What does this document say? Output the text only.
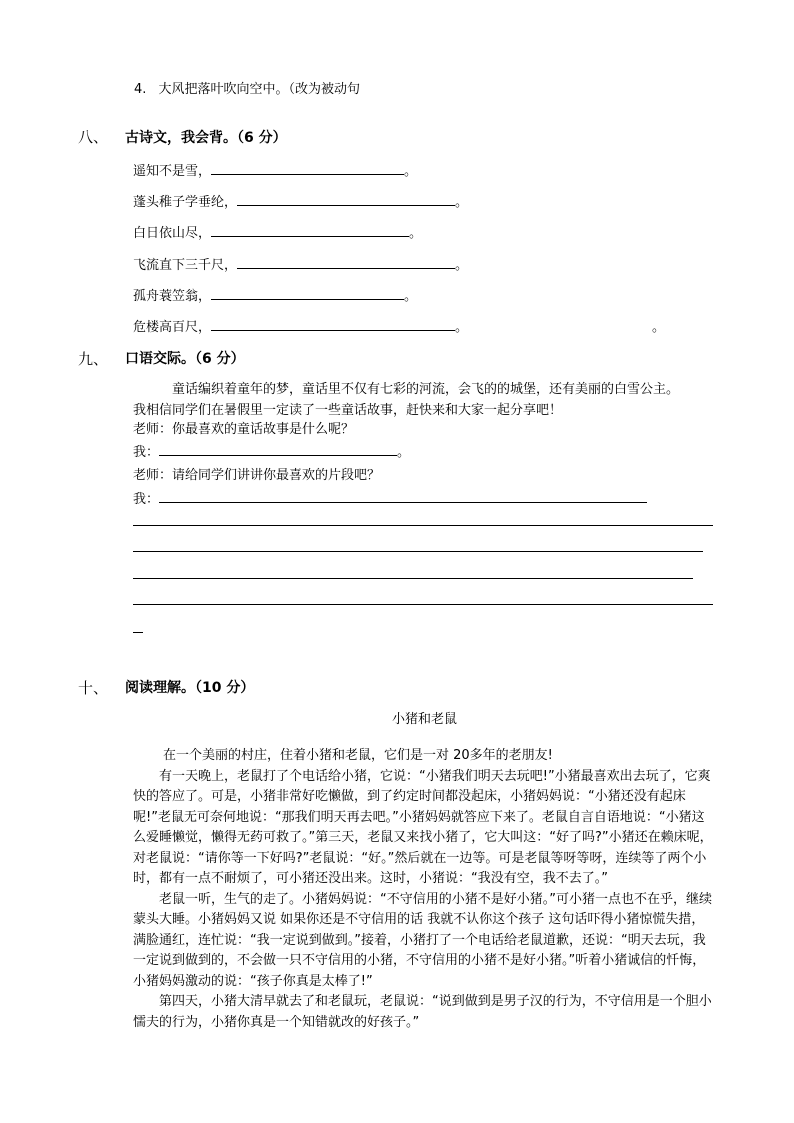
4. 大风把落叶吹向空中。（改为被动句
八、 古诗文，我会背。（6 分）
遥知不是雪，	。
蓬头稚子学垂纶，	。
白日依山尽，	。
飞流直下三千尺，	。
孤舟蓑笠翁，	。
危楼高百尺，	。	。
九、 口语交际。（6 分）
童话编织着童年的梦，童话里不仅有七彩的河流，会飞的的城堡，还有美丽的白雪公主。
我相信同学们在暑假里一定读了一些童话故事，赶快来和大家一起分享吧！
老师：你最喜欢的童话故事是什么呢？
我：	。
老师：请给同学们讲讲你最喜欢的片段吧？
我：
十、 阅读理解。（10 分）
小猪和老鼠

在一个美丽的村庄，住着小猪和老鼠，它们是一对 20多年的老朋友!

有一天晚上，老鼠打了个电话给小猪，它说：“小猪我们明天去玩吧!”小猪最喜欢出去玩了，它爽快的答应了。可是，小猪非常好吃懒做，到了约定时间都没起床，小猪妈妈说：“小猪还没有起床呢!”老鼠无可奈何地说：“那我们明天再去吧。”小猪妈妈就答应下来了。老鼠自言自语地说：“小猪这么爱睡懒觉，懒得无药可救了。”第三天，老鼠又来找小猪了，它大叫这：“好了吗?”小猪还在赖床呢，对老鼠说：“请你等一下好吗?”老鼠说：“好。”然后就在一边等。可是老鼠等呀等呀，连续等了两个小时，都有一点不耐烦了，可小猪还没出来。这时，小猪说：“我没有空，我不去了。”

老鼠一听，生气的走了。小猪妈妈说：“不守信用的小猪不是好小猪。”可小猪一点也不在乎，继续蒙头大睡。小猪妈妈又说 如果你还是不守信用的话 我就不认你这个孩子 这句话吓得小猪惊慌失措，满脸通红，连忙说：“我一定说到做到。”接着，小猪打了一个电话给老鼠道歉，还说：“明天去玩，我一定说到做到的，不会做一只不守信用的小猪，不守信用的小猪不是好小猪。”听着小猪诚信的忏悔，小猪妈妈激动的说：“孩子你真是太棒了!”

第四天，小猪大清早就去了和老鼠玩，老鼠说：“说到做到是男子汉的行为，不守信用是一个胆小懦夫的行为，小猪你真是一个知错就改的好孩子。”
